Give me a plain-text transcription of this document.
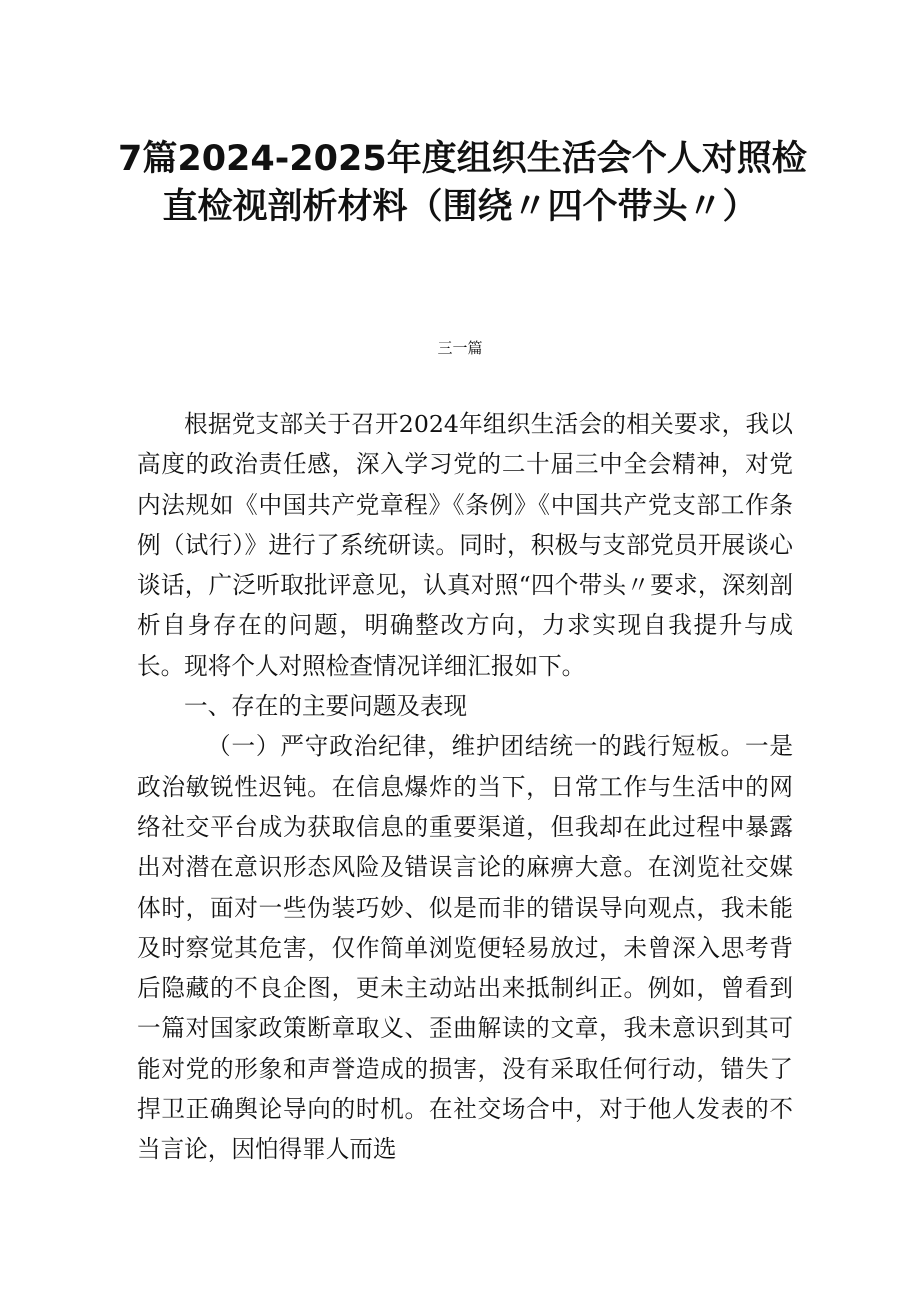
7篇2024-2025年度组织生活会个人对照检
直检视剖析材料（围绕〃四个带头〃）
三一篇

根据党支部关于召开2024年组织生活会的相关要求，我以高度的政治责任感，深入学习党的二十届三中全会精神，对党内法规如《中国共产党章程》《条例》《中国共产党支部工作条例（试行）》进行了系统研读。同时，积极与支部党员开展谈心谈话，广泛听取批评意见，认真对照“四个带头〃要求，深刻剖析自身存在的问题，明确整改方向，力求实现自我提升与成长。现将个人对照检查情况详细汇报如下。

一、存在的主要问题及表现

（一）严守政治纪律，维护团结统一的践行短板。一是政治敏锐性迟钝。在信息爆炸的当下，日常工作与生活中的网络社交平台成为获取信息的重要渠道，但我却在此过程中暴露出对潜在意识形态风险及错误言论的麻痹大意。在浏览社交媒体时，面对一些伪装巧妙、似是而非的错误导向观点，我未能及时察觉其危害，仅作简单浏览便轻易放过，未曾深入思考背后隐藏的不良企图，更未主动站出来抵制纠正。例如，曾看到一篇对国家政策断章取义、歪曲解读的文章，我未意识到其可能对党的形象和声誉造成的损害，没有采取任何行动，错失了捍卫正确舆论导向的时机。在社交场合中，对于他人发表的不当言论，因怕得罪人而选
